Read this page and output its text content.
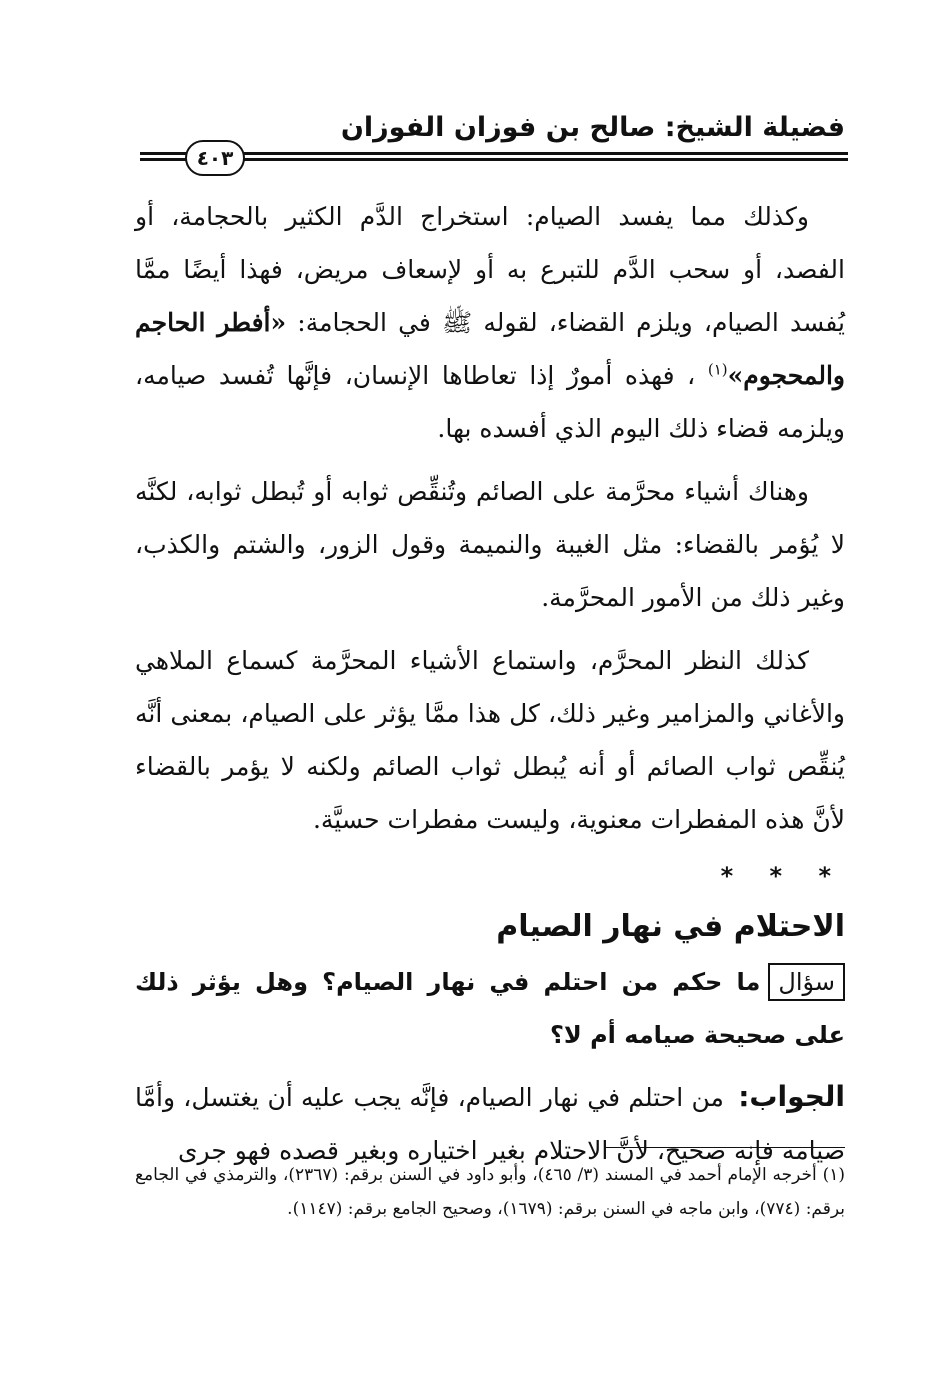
فضيلة الشيخ: صالح بن فوزان الفوزان
٤٠٣

وكذلك مما يفسد الصيام: استخراج الدَّم الكثير بالحجامة، أو الفصد، أو سحب الدَّم للتبرع به أو لإسعاف مريض، فهذا أيضًا ممَّا يُفسد الصيام، ويلزم القضاء، لقوله ﷺ في الحجامة: «أفطر الحاجم والمحجوم»$^{(١)}$ ، فهذه أمورٌ إذا تعاطاها الإنسان، فإنَّها تُفسد صيامه، ويلزمه قضاء ذلك اليوم الذي أفسده بها.

وهناك أشياء محرَّمة على الصائم وتُنقِّص ثوابه أو تُبطل ثوابه، لكنَّه لا يُؤمر بالقضاء: مثل الغيبة والنميمة وقول الزور، والشتم والكذب، وغير ذلك من الأمور المحرَّمة.

كذلك النظر المحرَّم، واستماع الأشياء المحرَّمة كسماع الملاهي والأغاني والمزامير وغير ذلك، كل هذا ممَّا يؤثر على الصيام، بمعنى أنَّه يُنقِّص ثواب الصائم أو أنه يُبطل ثواب الصائم ولكنه لا يؤمر بالقضاء لأنَّ هذه المفطرات معنوية، وليست مفطرات حسيَّة.

* * *
الاحتلام في نهار الصيام
سؤالما حكم من احتلم في نهار الصيام؟ وهل يؤثر ذلك على صحيحة صيامه أم لا؟

الجواب: من احتلم في نهار الصيام، فإنَّه يجب عليه أن يغتسل، وأمَّا صيامه فإنه صحيح، لأنَّ الاحتلام بغير اختياره وبغير قصده فهو جرى

(١) أخرجه الإمام أحمد في المسند (٣/ ٤٦٥)، وأبو داود في السنن برقم: (٢٣٦٧)، والترمذي في الجامع برقم: (٧٧٤)، وابن ماجه في السنن برقم: (١٦٧٩)، وصحيح الجامع برقم: (١١٤٧).
